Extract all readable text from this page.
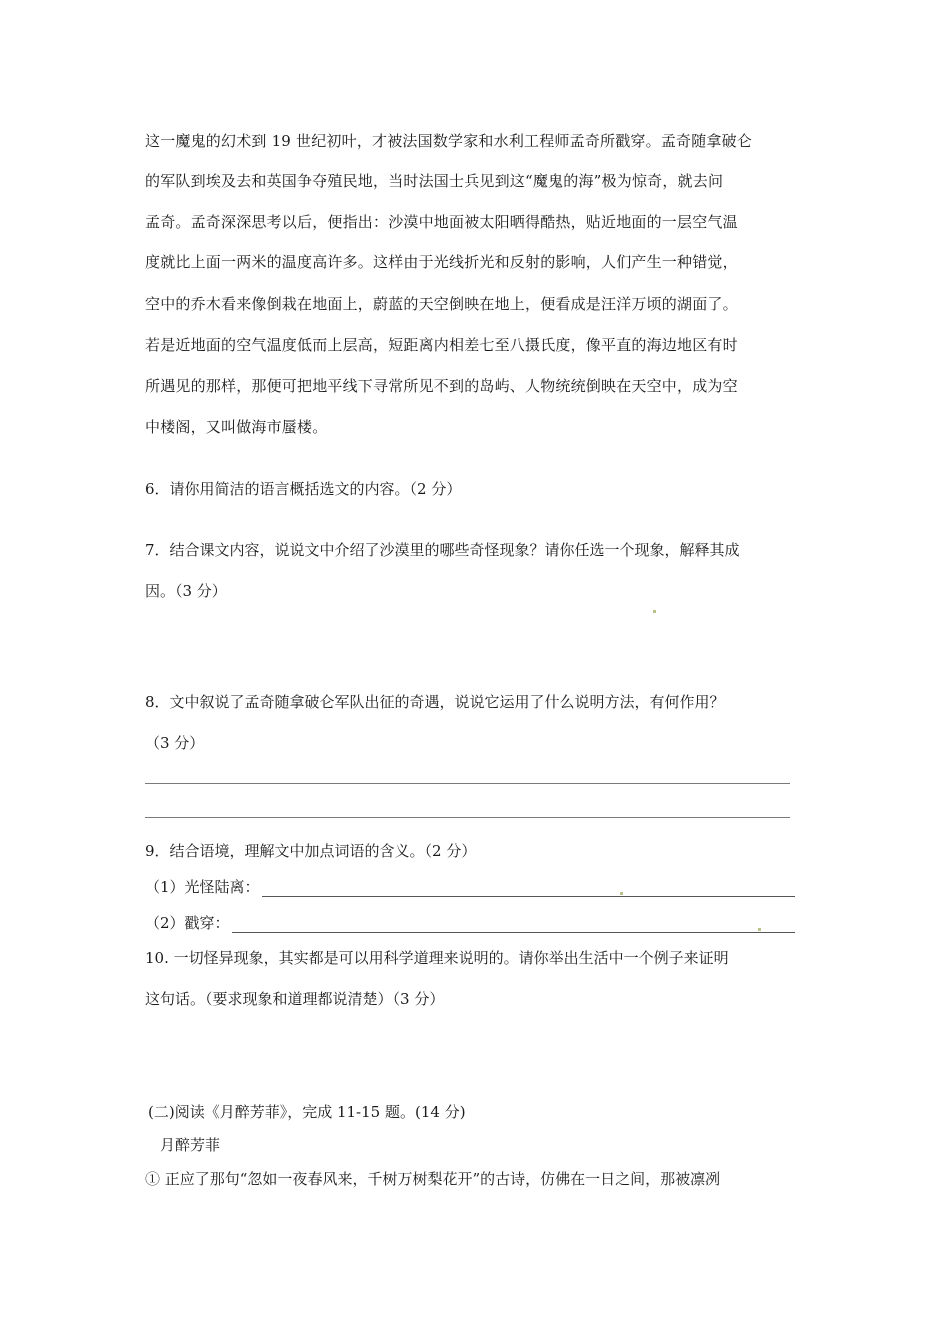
这一魔鬼的幻术到 19 世纪初叶，才被法国数学家和水利工程师孟奇所戳穿。孟奇随拿破仑
的军队到埃及去和英国争夺殖民地，当时法国士兵见到这“魔鬼的海”极为惊奇，就去问
孟奇。孟奇深深思考以后，便指出：沙漠中地面被太阳晒得酷热，贴近地面的一层空气温
度就比上面一两米的温度高许多。这样由于光线折光和反射的影响，人们产生一种错觉，
空中的乔木看来像倒栽在地面上，蔚蓝的天空倒映在地上，便看成是汪洋万顷的湖面了。
若是近地面的空气温度低而上层高，短距离内相差七至八摄氏度，像平直的海边地区有时
所遇见的那样，那便可把地平线下寻常所见不到的岛屿、人物统统倒映在天空中，成为空
中楼阁，又叫做海市蜃楼。
6．请你用简洁的语言概括选文的内容。（2 分）
7．结合课文内容，说说文中介绍了沙漠里的哪些奇怪现象？请你任选一个现象，解释其成
因。（3 分）
8．文中叙说了孟奇随拿破仑军队出征的奇遇，说说它运用了什么说明方法，有何作用？
（3 分）
9．结合语境，理解文中加点词语的含义。（2 分）
（1）光怪陆离：
（2）戳穿：
10. 一切怪异现象，其实都是可以用科学道理来说明的。请你举出生活中一个例子来证明
这句话。（要求现象和道理都说清楚）（3 分）
(二)阅读《月醉芳菲》，完成 11-15 题。(14 分)
月醉芳菲
① 正应了那句“忽如一夜春风来，千树万树梨花开”的古诗，仿佛在一日之间，那被凛冽
